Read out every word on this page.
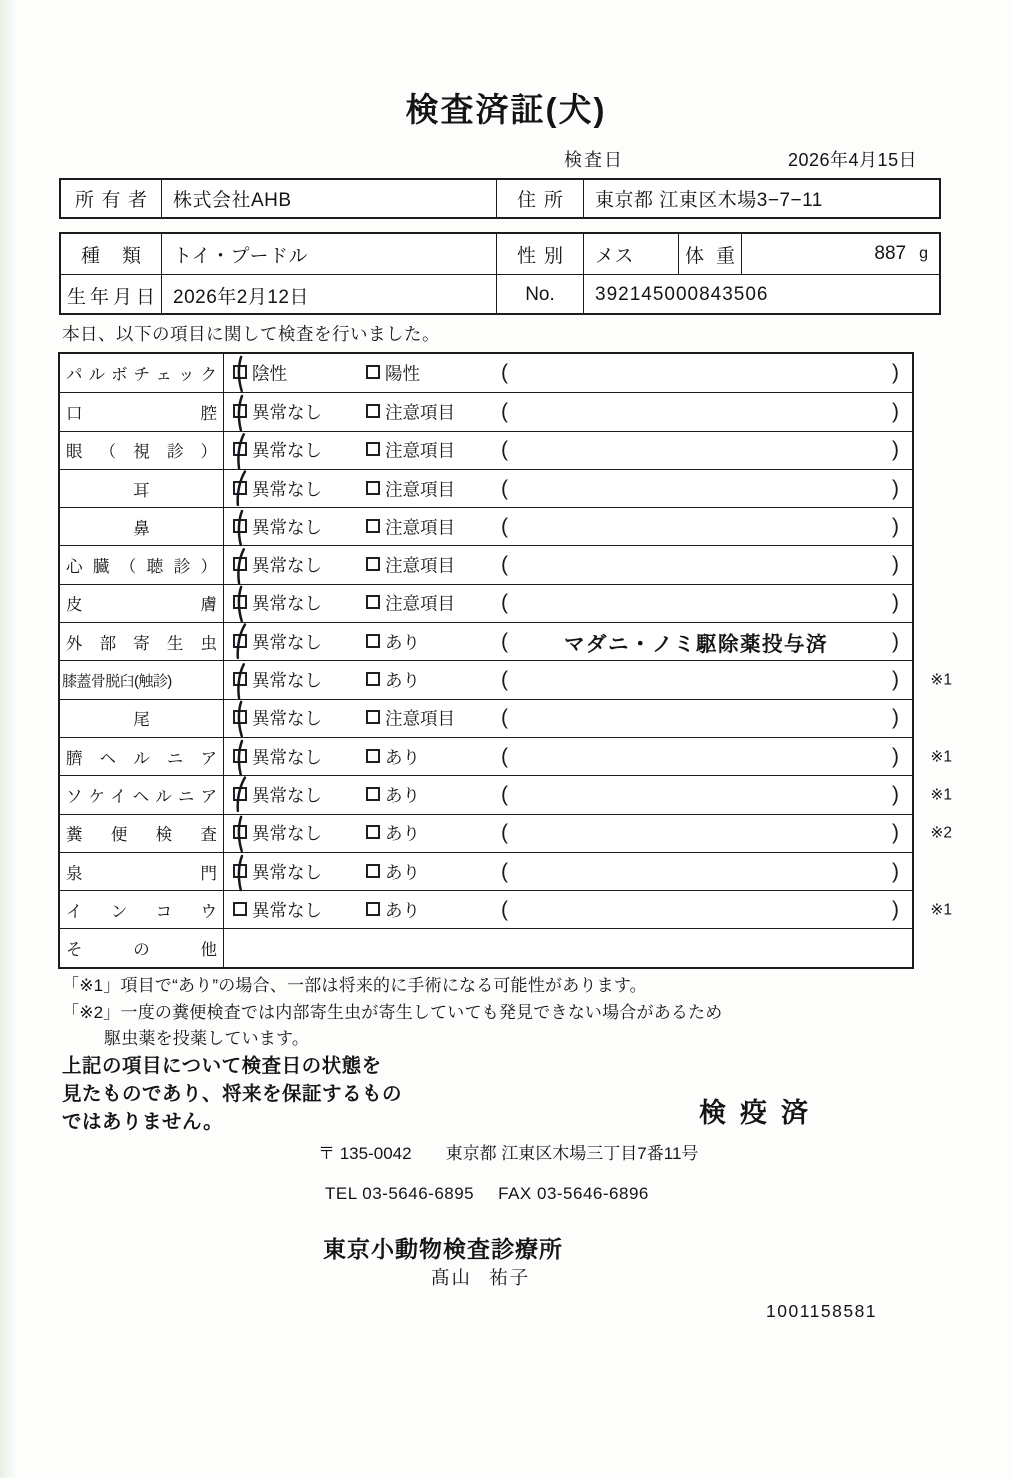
検査済証(犬)
検査日	2026年4月15日
所有者	株式会社AHB	住所	東京都 江東区木場3−7−11
種類	トイ・プードル	性別	メス	体重	887 g
生年月日 2026年2月12日	No.	392145000843506
本日、以下の項目に関して検査を行いました。
パルボチェック 陰性	陽性	(	)
口腔 異常なし	注意項目 (	)
眼（視診） 異常なし	注意項目 (	)
耳	異常なし	注意項目 (	)
鼻	異常なし	注意項目 (	)
心臓（聴診） 異常なし	注意項目 (	)
皮膚 異常なし	注意項目 (	)
外部寄生虫 異常なし	あり	(	マダニ・ノミ駆除薬投与済	)
膝蓋骨脱臼(触診)	異常なし	あり	(	) ※1
尾	異常なし	注意項目 (	)
臍ヘルニア 異常なし	あり	(	) ※1
ソケイヘルニア 異常なし	あり	(	) ※1
糞便検査 異常なし	あり	(	) ※2
泉門 異常なし	あり	(	)
インコウ 異常なし	あり	(	) ※1
その他
「※1」項目で“あり”の場合、一部は将来的に手術になる可能性があります。
「※2」一度の糞便検査では内部寄生虫が寄生していても発見できない場合があるため
駆虫薬を投薬しています。
上記の項目について検査日の状態を
見たものであり、将来を保証するもの
ではありません。	検疫済
〒 135-0042 東京都 江東区木場三丁目7番11号
TEL 03-5646-6895 FAX 03-5646-6896
東京小動物検査診療所
髙山 祐子
1001158581
